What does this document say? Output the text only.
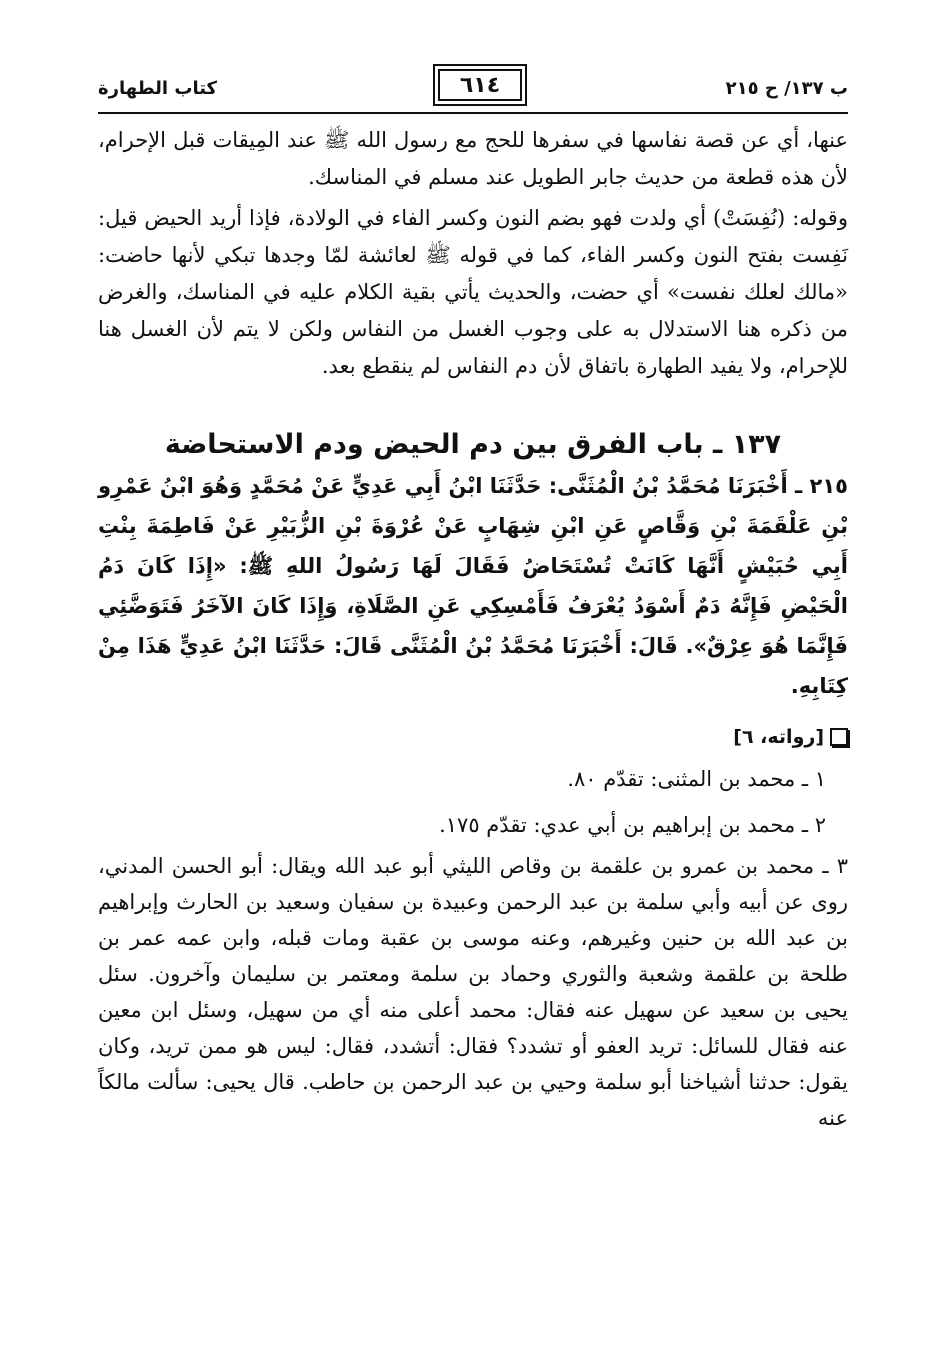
ب ١٣٧/ ح ٢١٥
٦١٤
كتاب الطهارة

عنها، أي عن قصة نفاسها في سفرها للحج مع رسول الله ﷺ عند المِيقات قبل الإحرام، لأن هذه قطعة من حديث جابر الطويل عند مسلم في المناسك.

وقوله: (نُفِسَتْ) أي ولدت فهو بضم النون وكسر الفاء في الولادة، فإذا أريد الحيض قيل: نَفِست بفتح النون وكسر الفاء، كما في قوله ﷺ لعائشة لمّا وجدها تبكي لأنها حاضت: «مالك لعلك نفست» أي حضت، والحديث يأتي بقية الكلام عليه في المناسك، والغرض من ذكره هنا الاستدلال به على وجوب الغسل من النفاس ولكن لا يتم لأن الغسل هنا للإحرام، ولا يفيد الطهارة باتفاق لأن دم النفاس لم ينقطع بعد.

١٣٧ ـ باب الفرق بين دم الحيض ودم الاستحاضة

٢١٥ ـ أَخْبَرَنَا مُحَمَّدُ بْنُ الْمُثَنَّى: حَدَّثَنَا ابْنُ أَبِي عَدِيٍّ عَنْ مُحَمَّدٍ وَهُوَ ابْنُ عَمْرِو بْنِ عَلْقَمَةَ بْنِ وَقَّاصٍ عَنِ ابْنِ شِهَابٍ عَنْ عُرْوَةَ بْنِ الزُّبَيْرِ عَنْ فَاطِمَةَ بِنْتِ أَبِي حُبَيْشٍ أَنَّهَا كَانَتْ تُسْتَحَاضُ فَقَالَ لَهَا رَسُولُ اللهِ ﷺ: «إِذَا كَانَ دَمُ الْحَيْضِ فَإِنَّهُ دَمٌ أَسْوَدُ يُعْرَفُ فَأَمْسِكِي عَنِ الصَّلَاةِ، وَإِذَا كَانَ الآخَرُ فَتَوَضَّئِي فَإِنَّمَا هُوَ عِرْقٌ». قَالَ: أَخْبَرَنَا مُحَمَّدُ بْنُ الْمُثَنَّى قَالَ: حَدَّثَنَا ابْنُ عَدِيٍّ هَذَا مِنْ كِتَابِهِ.

[رواته، ٦]

١ ـ محمد بن المثنى: تقدّم ٨٠.

٢ ـ محمد بن إبراهيم بن أبي عدي: تقدّم ١٧٥.

٣ ـ محمد بن عمرو بن علقمة بن وقاص الليثي أبو عبد الله ويقال: أبو الحسن المدني، روى عن أبيه وأبي سلمة بن عبد الرحمن وعبيدة بن سفيان وسعيد بن الحارث وإبراهيم بن عبد الله بن حنين وغيرهم، وعنه موسى بن عقبة ومات قبله، وابن عمه عمر بن طلحة بن علقمة وشعبة والثوري وحماد بن سلمة ومعتمر بن سليمان وآخرون. سئل يحيى بن سعيد عن سهيل عنه فقال: محمد أعلى منه أي من سهيل، وسئل ابن معين عنه فقال للسائل: تريد العفو أو تشدد؟ فقال: أتشدد، فقال: ليس هو ممن تريد، وكان يقول: حدثنا أشياخنا أبو سلمة وحيي بن عبد الرحمن بن حاطب. قال يحيى: سألت مالكاً عنه
